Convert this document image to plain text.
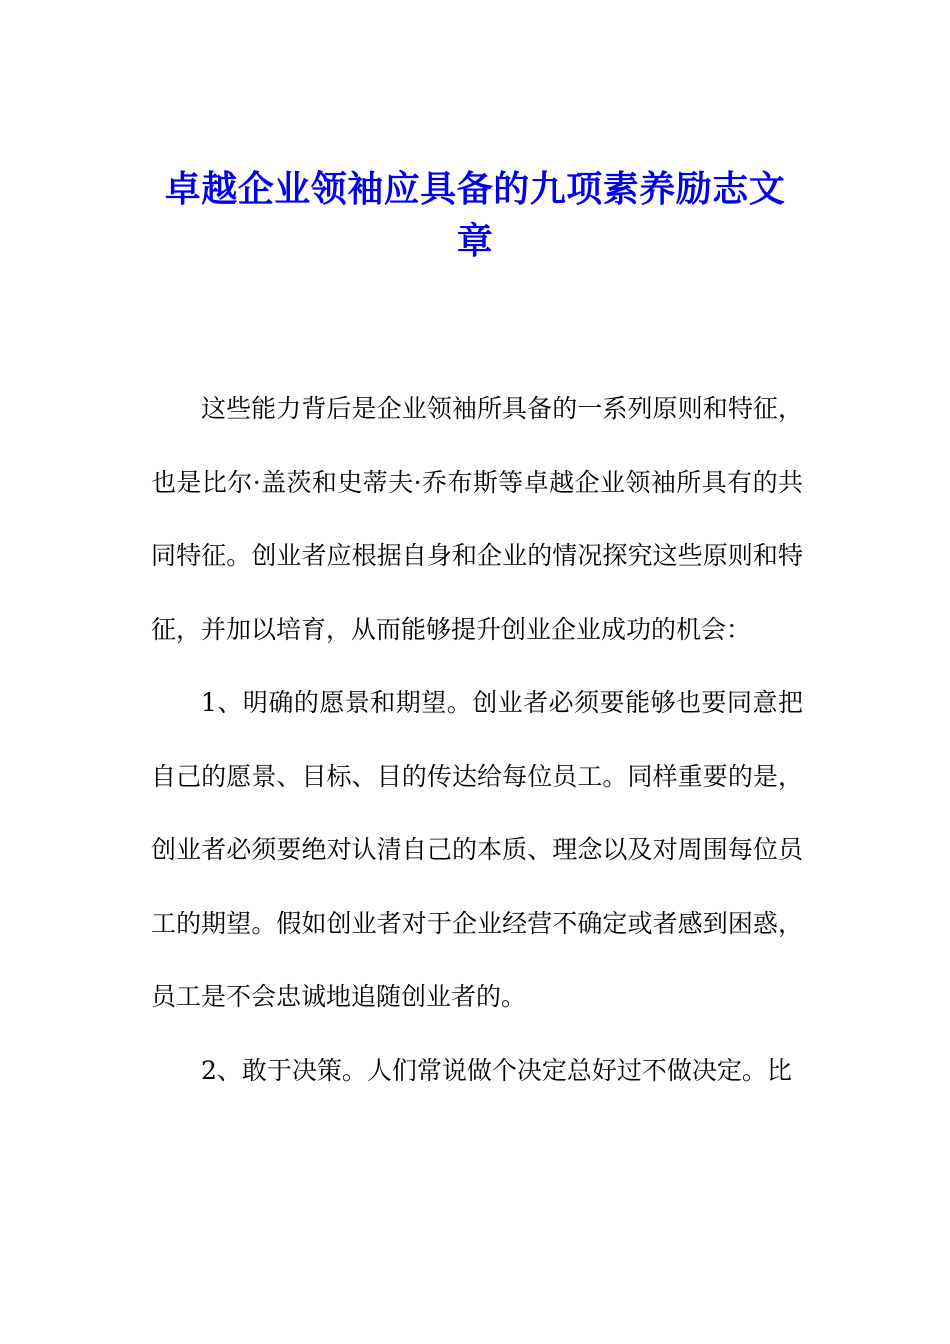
卓越企业领袖应具备的九项素养励志文章

这些能力背后是企业领袖所具备的一系列原则和特征，也是比尔·盖茨和史蒂夫·乔布斯等卓越企业领袖所具有的共同特征。创业者应根据自身和企业的情况探究这些原则和特征，并加以培育，从而能够提升创业企业成功的机会：

1、明确的愿景和期望。创业者必须要能够也要同意把自己的愿景、目标、目的传达给每位员工。同样重要的是，创业者必须要绝对认清自己的本质、理念以及对周围每位员工的期望。假如创业者对于企业经营不确定或者感到困惑，员工是不会忠诚地追随创业者的。

2、敢于决策。人们常说做个决定总好过不做决定。比
